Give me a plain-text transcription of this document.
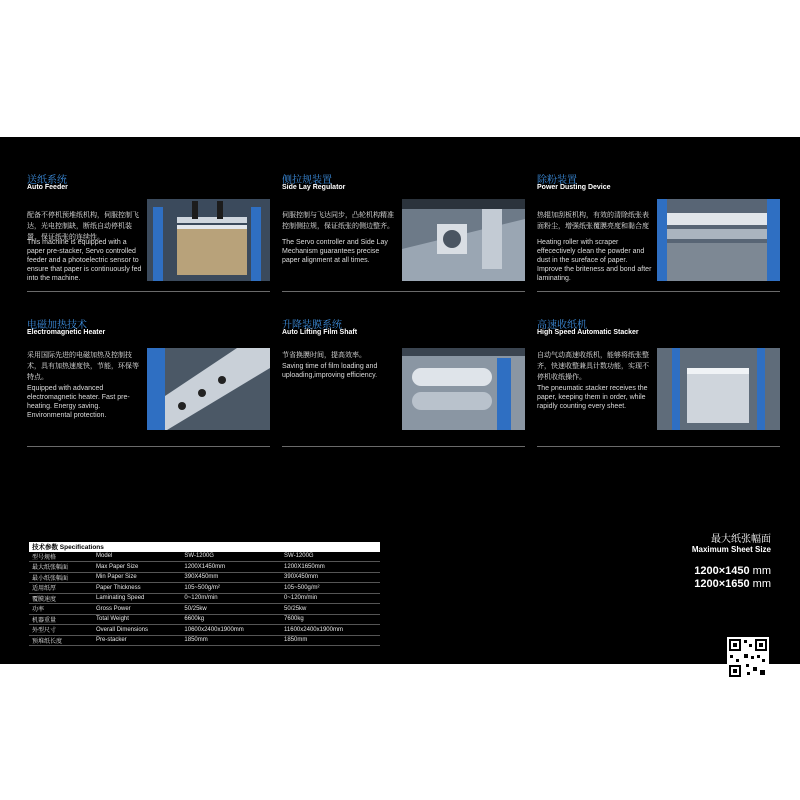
送纸系统
Auto Feeder
配备不停机预堆纸机构，伺服控制飞达，光电控制缺，断纸自动停机装置，保证纸张的连续性。
This machine is equipped with a paper pre-stacker, Servo controlled feeder and a photoelectric sensor to ensure that paper is continuously fed into the machine.
侧拉规装置
Side Lay Regulator
伺服控制与飞达同步，凸轮机构精准控制侧拉规，保证纸张的侧边整齐。
The Servo controller and Side Lay Mechanism guarantees precise paper alignment at all times.
除粉装置
Power Dusting Device
热辊加刮板机构，有效的清除纸张表面粉尘，增强纸张覆膜亮度和黏合度
Heating roller with scraper effecectively clean the powder and dust in the sureface of paper. Improve the briteness and bond after laminating.
电磁加热技术
Electromagnetic Heater
采用国际先进的电磁加热及控制技术，具有加热速度快，节能，环保等特点。
Equipped with advanced electromagnetic heater. Fast pre-heating. Energy saving. Environmental protection.
升降装膜系统
Auto Lifting Film Shaft
节省换膜时间，提高效率。
Saving time of film loading and uploading,improving efficiency.
高速收纸机
High Speed Automatic Stacker
自动气动高速收纸机，能够将纸张整齐，快速收整兼具计数功能，实现不停机收纸操作。
The pneumatic stacker receives the paper, keeping them in order, while rapidly counting every sheet.
技术参数 Specifications			
型号规格	Model	SW-1200G	SW-1200G
最大纸张幅面	Max Paper Size	1200X1450mm	1200X1650mm
最小纸张幅面	Min Paper Size	390X450mm	390X450mm
适用纸厚	Paper Thickness	105~500g/m²	105~500g/m²
覆膜速度	Laminating Speed	0~120m/min	0~120m/min
功率	Gross Power	50/25kw	50/25kw
机器重量	Total Weight	6600kg	7600kg
外型尺寸	Overall Dimensions	10600x2400x1900mm	11600x2400x1900mm
预堆纸长度	Pre-stacker	1850mm	1850mm
最大纸张幅面
Maximum Sheet Size
1200×1450 mm
1200×1650 mm
